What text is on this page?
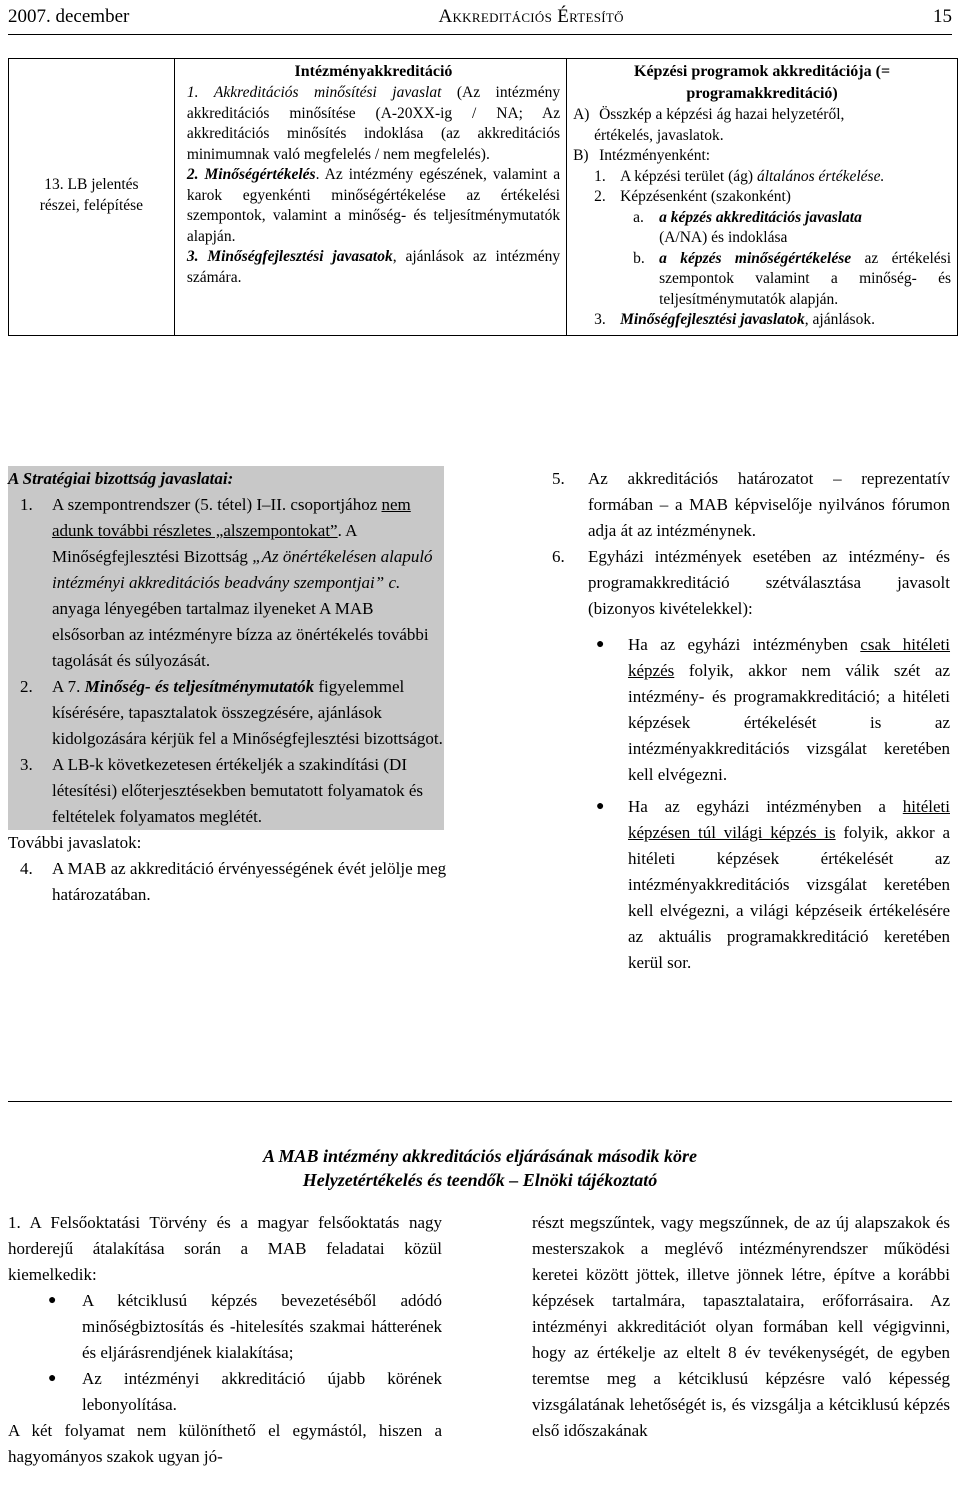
2007. december	Akkreditációs Értesítő	15
13. LB jelentés
részei, felépítése

Intézményakkreditáció
1. Akkreditációs minősítési javaslat (Az intézmény akkreditációs minősítése (A-20XX-ig / NA; Az akkreditációs minősítés indoklása (az akkreditációs minimumnak való megfelelés / nem megfelelés).
2. Minőségértékelés. Az intézmény egészének, valamint a karok egyenkénti minőségértékelése az értékelési szempontok, valamint a minőség- és teljesítménymutatók alapján.
3. Minőségfejlesztési javasatok, ajánlások az intézmény számára.

Képzési programok akkreditációja (=
programakkreditáció)
A) Összkép a képzési ág hazai helyzetéről,
értékelés, javaslatok.
B) Intézményenként:
1. A képzési terület (ág) általános értékelése.
2. Képzésenként (szakonként)
a. a képzés akkreditációs javaslata
(A/NA) és indoklása
b. a képzés minőségértékelése az értékelési szempontok valamint a minőség- és teljesítménymutatók alapján.
3. Minőségfejlesztési javaslatok, ajánlások.
A Stratégiai bizottság javaslatai:
1.	A szempontrendszer (5. tétel) I–II. csoportjához nem adunk további részletes „alszempontokat”. A Minőségfejlesztési Bizottság „Az önértékelésen alapuló intézményi akkreditációs beadvány szempontjai” c. anyaga lényegében tartalmaz ilyeneket A MAB elsősorban az intézményre bízza az önértékelés további tagolását és súlyozását.
2.	A 7. Minőség- és teljesítménymutatók figyelemmel kísérésére, tapasztalatok összegzésére, ajánlások kidolgozására kérjük fel a Minőségfejlesztési bizottságot.
3.	A LB-k következetesen értékeljék a szakindítási (DI létesítési) előterjesztésekben bemutatott folyamatok és feltételek folyamatos meglétét.
További javaslatok:
4.	A MAB az akkreditáció érvényességének évét jelölje meg határozatában.
5.	Az akkreditációs határozatot – reprezentatív formában – a MAB képviselője nyilvános fórumon adja át az intézménynek.
6.	Egyházi intézmények esetében az intézmény- és programakkreditáció szétválasztása javasolt (bizonyos kivételekkel):
●	Ha az egyházi intézményben csak hitéleti képzés folyik, akkor nem válik szét az intézmény- és programakkreditáció; a hitéleti képzések értékelését is az intézményakkreditációs vizsgálat keretében kell elvégezni.
●	Ha az egyházi intézményben a hitéleti képzésen túl világi képzés is folyik, akkor a hitéleti képzések értékelését az intézményakkreditációs vizsgálat keretében kell elvégezni, a világi képzéseik értékelésére az aktuális programakkreditáció keretében kerül sor.
A MAB intézmény akkreditációs eljárásának második köre
Helyzetértékelés és teendők – Elnöki tájékoztató
1. A Felsőoktatási Törvény és a magyar felsőoktatás nagy horderejű átalakítása során a MAB feladatai közül kiemelkedik:
●	A kétciklusú képzés bevezetéséből adódó minőségbiztosítás és -hitelesítés szakmai hátterének és eljárásrendjének kialakítása;
●	Az intézményi akkreditáció újabb körének lebonyolítása.
A két folyamat nem különíthető el egymástól, hiszen a hagyományos szakok ugyan jó-
részt megszűntek, vagy megszűnnek, de az új alapszakok és mesterszakok a meglévő intézményrendszer működési keretei között jöttek, illetve jönnek létre, építve a korábbi képzések tartalmára, tapasztalataira, erőforrásaira. Az intézményi akkreditációt olyan formában kell végigvinni, hogy az értékelje az eltelt 8 év tevékenységét, de egyben teremtse meg a kétciklusú képzésre való képesség vizsgálatának lehetőségét is, és vizsgálja a kétciklusú képzés első időszakának
